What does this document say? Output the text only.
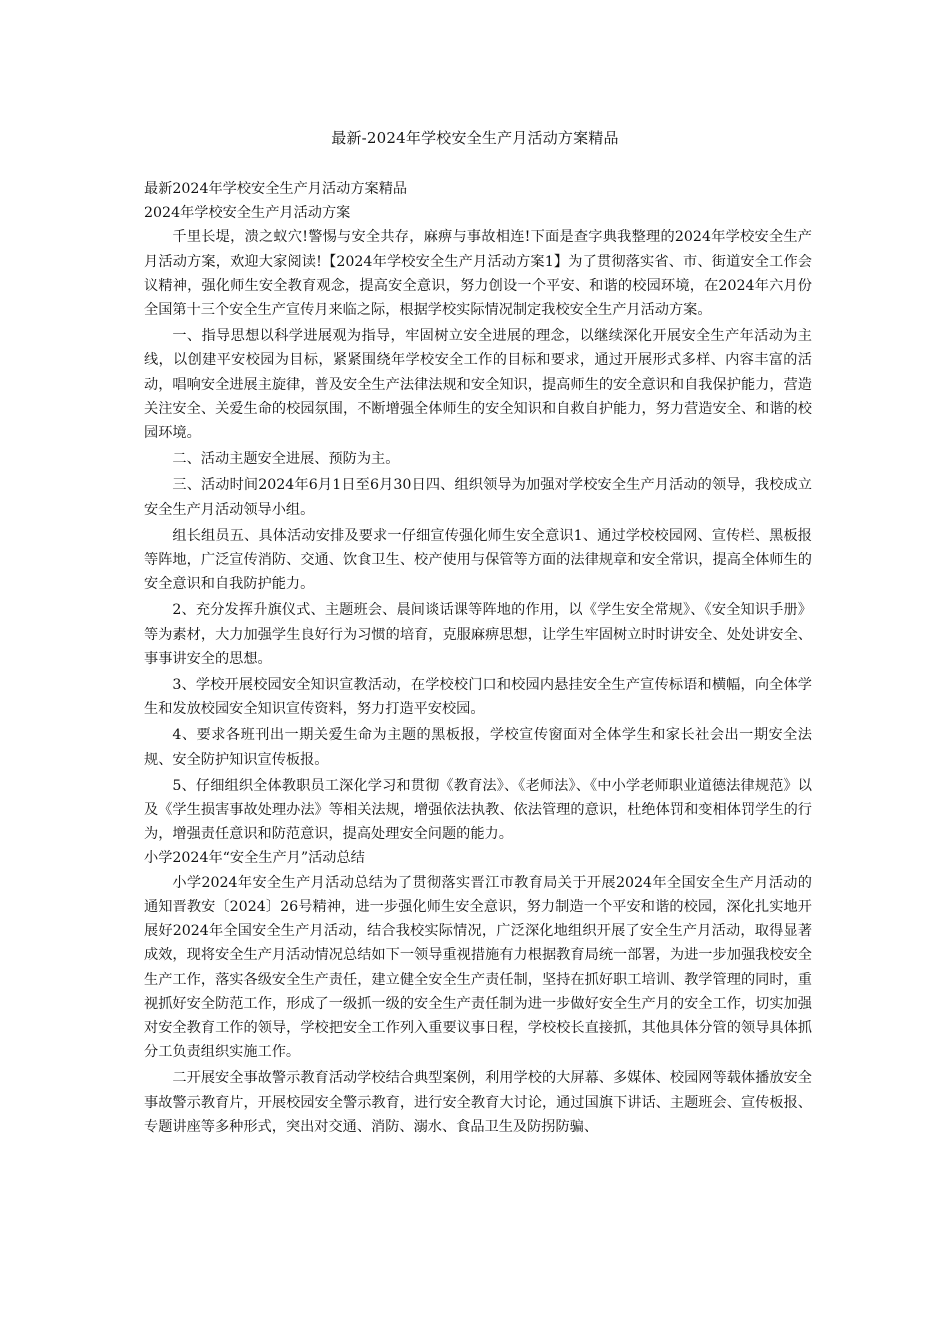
最新-2024年学校安全生产月活动方案精品

最新2024年学校安全生产月活动方案精品

2024年学校安全生产月活动方案

千里长堤，溃之蚁穴!警惕与安全共存，麻痹与事故相连!下面是查字典我整理的2024年学校安全生产月活动方案，欢迎大家阅读!【2024年学校安全生产月活动方案1】为了贯彻落实省、市、街道安全工作会议精神，强化师生安全教育观念，提高安全意识，努力创设一个平安、和谐的校园环境，在2024年六月份全国第十三个安全生产宣传月来临之际，根据学校实际情况制定我校安全生产月活动方案。

一、指导思想以科学进展观为指导，牢固树立安全进展的理念，以继续深化开展安全生产年活动为主线，以创建平安校园为目标，紧紧围绕年学校安全工作的目标和要求，通过开展形式多样、内容丰富的活动，唱响安全进展主旋律，普及安全生产法律法规和安全知识，提高师生的安全意识和自我保护能力，营造关注安全、关爱生命的校园氛围，不断增强全体师生的安全知识和自救自护能力，努力营造安全、和谐的校园环境。

二、活动主题安全进展、预防为主。

三、活动时间2024年6月1日至6月30日四、组织领导为加强对学校安全生产月活动的领导，我校成立安全生产月活动领导小组。

组长组员五、具体活动安排及要求一仔细宣传强化师生安全意识1、通过学校校园网、宣传栏、黑板报等阵地，广泛宣传消防、交通、饮食卫生、校产使用与保管等方面的法律规章和安全常识，提高全体师生的安全意识和自我防护能力。

2、充分发挥升旗仪式、主题班会、晨间谈话课等阵地的作用，以《学生安全常规》、《安全知识手册》等为素材，大力加强学生良好行为习惯的培育，克服麻痹思想，让学生牢固树立时时讲安全、处处讲安全、事事讲安全的思想。

3、学校开展校园安全知识宣教活动，在学校校门口和校园内悬挂安全生产宣传标语和横幅，向全体学生和发放校园安全知识宣传资料，努力打造平安校园。

4、要求各班刊出一期关爱生命为主题的黑板报，学校宣传窗面对全体学生和家长社会出一期安全法规、安全防护知识宣传板报。

5、仔细组织全体教职员工深化学习和贯彻《教育法》、《老师法》、《中小学老师职业道德法律规范》以及《学生损害事故处理办法》等相关法规，增强依法执教、依法管理的意识，杜绝体罚和变相体罚学生的行为，增强责任意识和防范意识，提高处理安全问题的能力。

小学2024年“安全生产月”活动总结

小学2024年安全生产月活动总结为了贯彻落实晋江市教育局关于开展2024年全国安全生产月活动的通知晋教安〔2024〕26号精神，进一步强化师生安全意识，努力制造一个平安和谐的校园，深化扎实地开展好2024年全国安全生产月活动，结合我校实际情况，广泛深化地组织开展了安全生产月活动，取得显著成效，现将安全生产月活动情况总结如下一领导重视措施有力根据教育局统一部署，为进一步加强我校安全生产工作，落实各级安全生产责任，建立健全安全生产责任制，坚持在抓好职工培训、教学管理的同时，重视抓好安全防范工作，形成了一级抓一级的安全生产责任制为进一步做好安全生产月的安全工作，切实加强对安全教育工作的领导，学校把安全工作列入重要议事日程，学校校长直接抓，其他具体分管的领导具体抓分工负责组织实施工作。

二开展安全事故警示教育活动学校结合典型案例，利用学校的大屏幕、多媒体、校园网等载体播放安全事故警示教育片，开展校园安全警示教育，进行安全教育大讨论，通过国旗下讲话、主题班会、宣传板报、专题讲座等多种形式，突出对交通、消防、溺水、食品卫生及防拐防骗、
